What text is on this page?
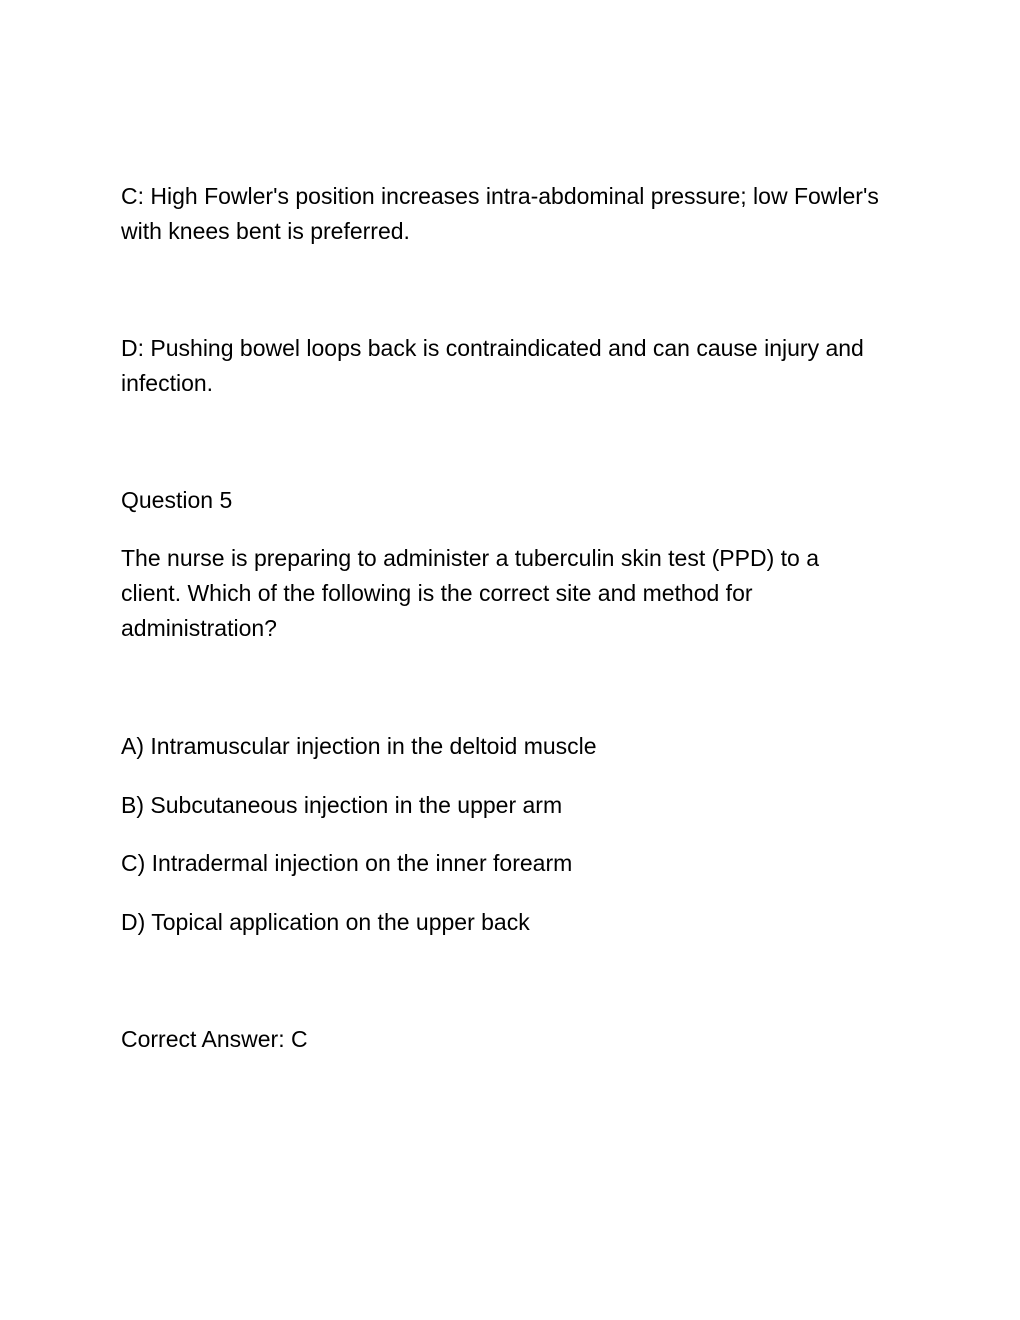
C: High Fowler's position increases intra-abdominal pressure; low Fowler's with knees bent is preferred.

D: Pushing bowel loops back is contraindicated and can cause injury and infection.

Question 5

The nurse is preparing to administer a tuberculin skin test (PPD) to a client. Which of the following is the correct site and method for administration?

A) Intramuscular injection in the deltoid muscle

B) Subcutaneous injection in the upper arm

C) Intradermal injection on the inner forearm

D) Topical application on the upper back

Correct Answer: C
